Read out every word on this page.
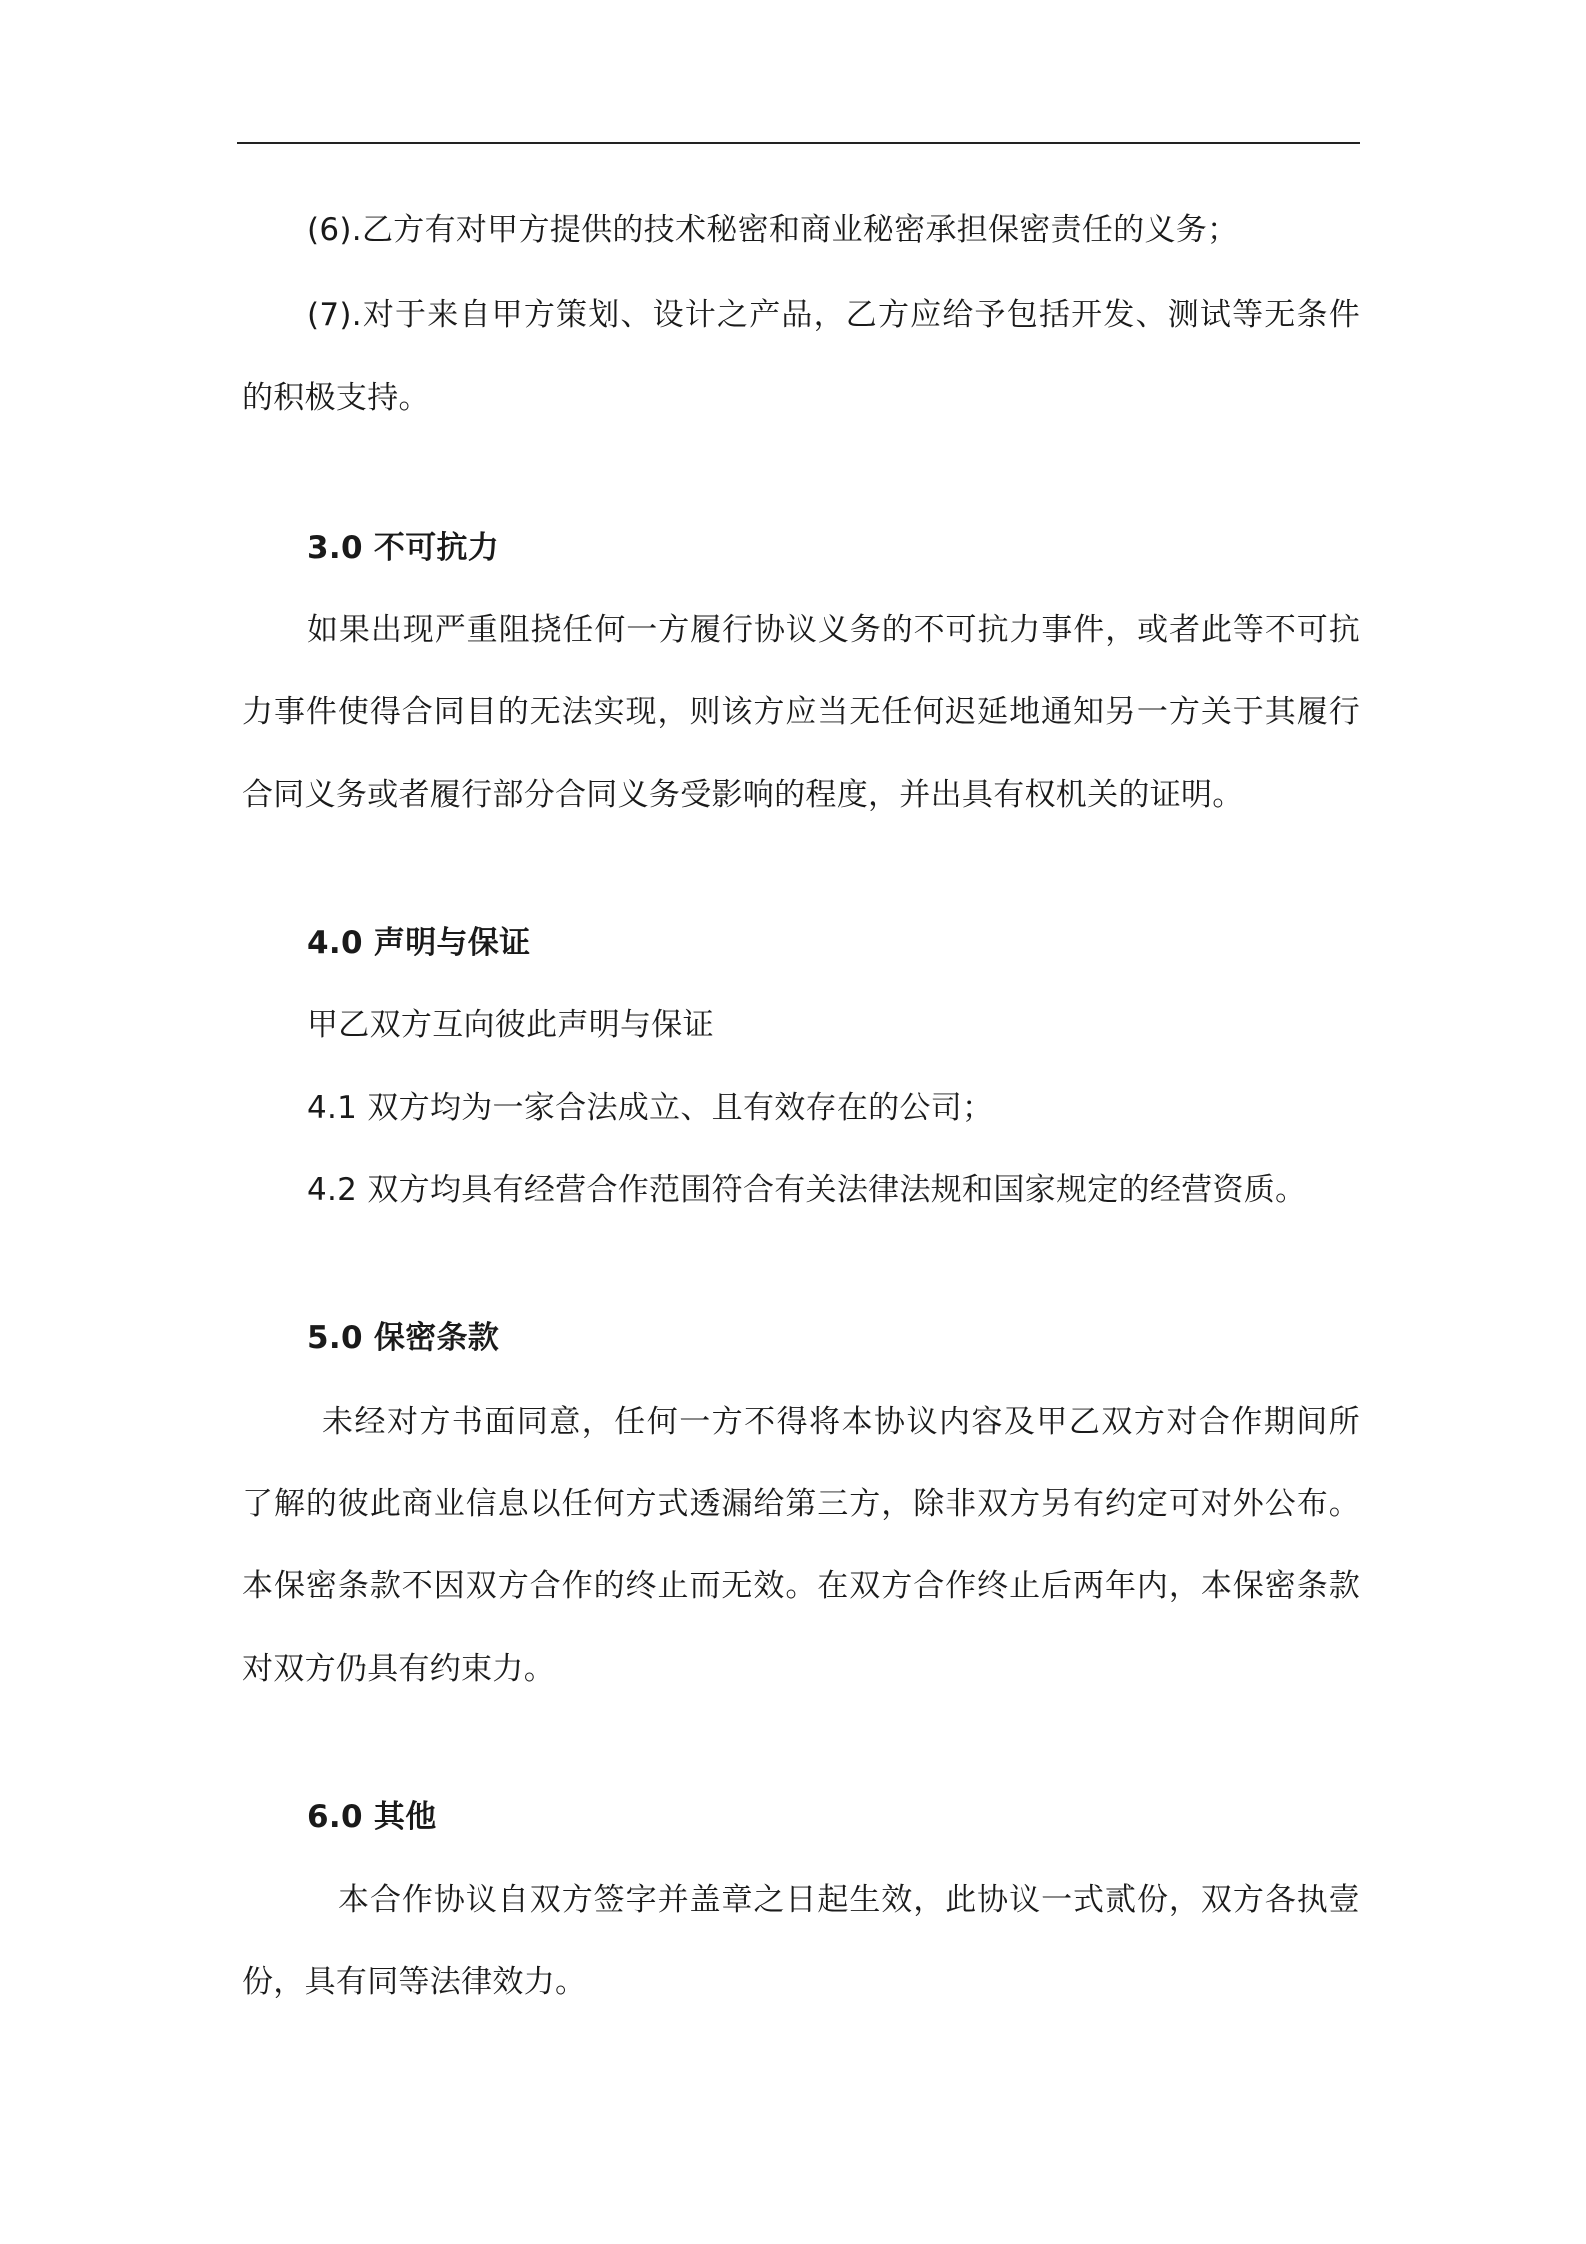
(6).乙方有对甲方提供的技术秘密和商业秘密承担保密责任的义务；
(7).对于来自甲方策划、设计之产品，乙方应给予包括开发、测试等无条件
的积极支持。
3.0 不可抗力
如果出现严重阻挠任何一方履行协议义务的不可抗力事件，或者此等不可抗
力事件使得合同目的无法实现，则该方应当无任何迟延地通知另一方关于其履行
合同义务或者履行部分合同义务受影响的程度，并出具有权机关的证明。
4.0 声明与保证
甲乙双方互向彼此声明与保证
4.1 双方均为一家合法成立、且有效存在的公司；
4.2 双方均具有经营合作范围符合有关法律法规和国家规定的经营资质。
5.0 保密条款
未经对方书面同意，任何一方不得将本协议内容及甲乙双方对合作期间所
了解的彼此商业信息以任何方式透漏给第三方，除非双方另有约定可对外公布。
本保密条款不因双方合作的终止而无效。在双方合作终止后两年内，本保密条款
对双方仍具有约束力。
6.0 其他
本合作协议自双方签字并盖章之日起生效，此协议一式贰份，双方各执壹
份，具有同等法律效力。
